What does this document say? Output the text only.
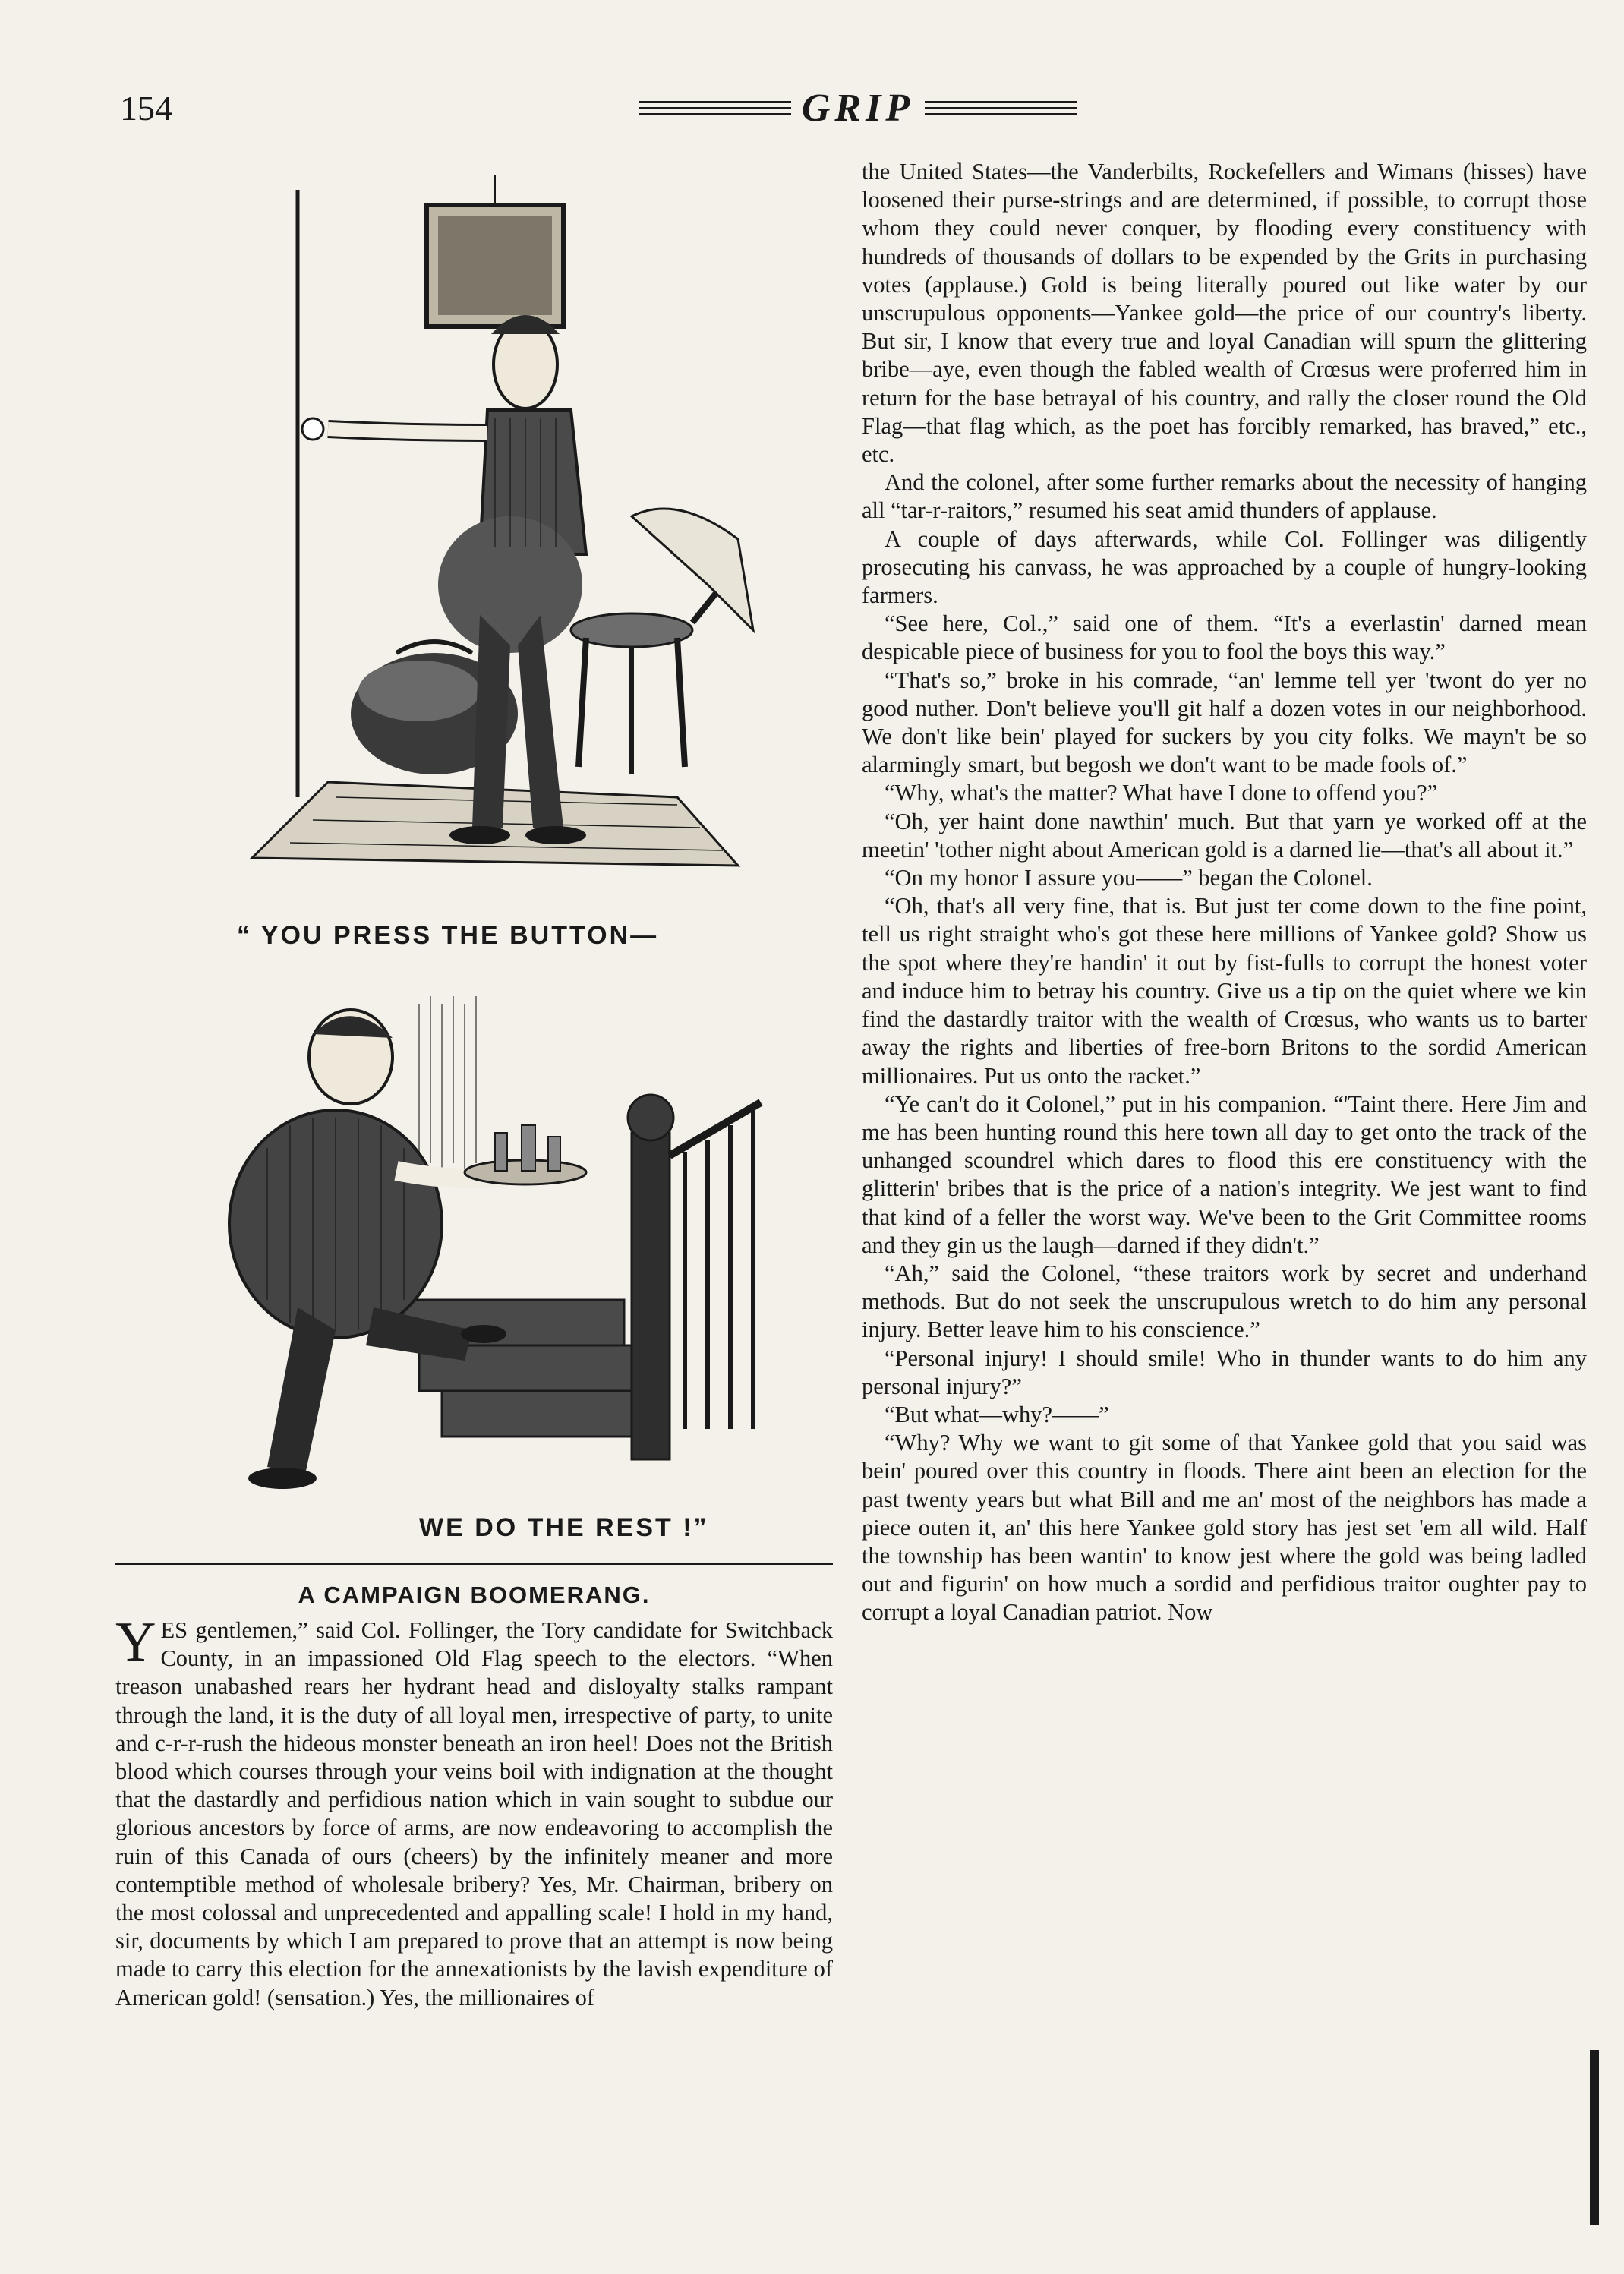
154	GRIP
“ YOU PRESS THE BUTTON—
WE DO THE REST !”
A CAMPAIGN BOOMERANG.

YES gentlemen,” said Col. Follinger, the Tory candidate for Switchback County, in an impassioned Old Flag speech to the electors. “When treason unabashed rears her hydrant head and disloyalty stalks rampant through the land, it is the duty of all loyal men, irrespective of party, to unite and c-r-r-rush the hideous monster beneath an iron heel! Does not the British blood which courses through your veins boil with indignation at the thought that the dastardly and perfidious nation which in vain sought to subdue our glorious ancestors by force of arms, are now endeavoring to accomplish the ruin of this Canada of ours (cheers) by the infinitely meaner and more contemptible method of wholesale bribery? Yes, Mr. Chairman, bribery on the most colossal and unprecedented and appalling scale! I hold in my hand, sir, documents by which I am prepared to prove that an attempt is now being made to carry this election for the annexationists by the lavish expenditure of American gold! (sensation.) Yes, the millionaires of

the United States—the Vanderbilts, Rockefellers and Wimans (hisses) have loosened their purse-strings and are determined, if possible, to corrupt those whom they could never conquer, by flooding every constituency with hundreds of thousands of dollars to be expended by the Grits in purchasing votes (applause.) Gold is being literally poured out like water by our unscrupulous opponents—Yankee gold—the price of our country's liberty. But sir, I know that every true and loyal Canadian will spurn the glittering bribe—aye, even though the fabled wealth of Crœsus were proferred him in return for the base betrayal of his country, and rally the closer round the Old Flag—that flag which, as the poet has forcibly remarked, has braved,” etc., etc.

And the colonel, after some further remarks about the necessity of hanging all “tar-r-raitors,” resumed his seat amid thunders of applause.

A couple of days afterwards, while Col. Follinger was diligently prosecuting his canvass, he was approached by a couple of hungry-looking farmers.

“See here, Col.,” said one of them. “It's a everlastin' darned mean despicable piece of business for you to fool the boys this way.”

“That's so,” broke in his comrade, “an' lemme tell yer 'twont do yer no good nuther. Don't believe you'll git half a dozen votes in our neighborhood. We don't like bein' played for suckers by you city folks. We mayn't be so alarmingly smart, but begosh we don't want to be made fools of.”

“Why, what's the matter? What have I done to offend you?”

“Oh, yer haint done nawthin' much. But that yarn ye worked off at the meetin' 'tother night about American gold is a darned lie—that's all about it.”

“On my honor I assure you——” began the Colonel.

“Oh, that's all very fine, that is. But just ter come down to the fine point, tell us right straight who's got these here millions of Yankee gold? Show us the spot where they're handin' it out by fist-fulls to corrupt the honest voter and induce him to betray his country. Give us a tip on the quiet where we kin find the dastardly traitor with the wealth of Crœsus, who wants us to barter away the rights and liberties of free-born Britons to the sordid American millionaires. Put us onto the racket.”

“Ye can't do it Colonel,” put in his companion. “'Taint there. Here Jim and me has been hunting round this here town all day to get onto the track of the unhanged scoundrel which dares to flood this ere constituency with the glitterin' bribes that is the price of a nation's integrity. We jest want to find that kind of a feller the worst way. We've been to the Grit Committee rooms and they gin us the laugh—darned if they didn't.”

“Ah,” said the Colonel, “these traitors work by secret and underhand methods. But do not seek the unscrupulous wretch to do him any personal injury. Better leave him to his conscience.”

“Personal injury! I should smile! Who in thunder wants to do him any personal injury?”

“But what—why?——”

“Why? Why we want to git some of that Yankee gold that you said was bein' poured over this country in floods. There aint been an election for the past twenty years but what Bill and me an' most of the neighbors has made a piece outen it, an' this here Yankee gold story has jest set 'em all wild. Half the township has been wantin' to know jest where the gold was being ladled out and figurin' on how much a sordid and perfidious traitor oughter pay to corrupt a loyal Canadian patriot. Now
